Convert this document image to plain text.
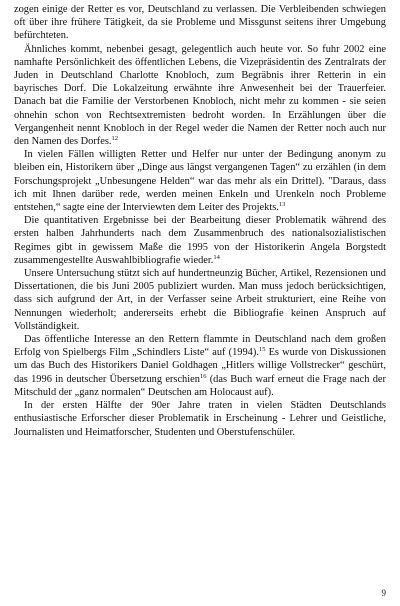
zogen einige der Retter es vor, Deutschland zu verlassen. Die Verbleibenden schwiegen oft über ihre frühere Tätigkeit, da sie Probleme und Missgunst seitens ihrer Umgebung befürchteten.

Ähnliches kommt, nebenbei gesagt, gelegentlich auch heute vor. So fuhr 2002 eine namhafte Persönlichkeit des öffentlichen Lebens, die Vizepräsidentin des Zentralrats der Juden in Deutschland Charlotte Knobloch, zum Begräbnis ihrer Retterin in ein bayrisches Dorf. Die Lokalzeitung erwähnte ihre Anwesenheit bei der Trauerfeier. Danach bat die Familie der Verstorbenen Knobloch, nicht mehr zu kommen - sie seien ohnehin schon von Rechtsextremisten bedroht worden. In Erzählungen über die Vergangenheit nennt Knobloch in der Regel weder die Namen der Retter noch auch nur den Namen des Dorfes.$^{12}$

In vielen Fällen willigten Retter und Helfer nur unter der Bedingung anonym zu bleiben ein, Historikern über „Dinge aus längst vergangenen Tagen“ zu erzählen (in dem Forschungsprojekt „Unbesungene Helden“ war das mehr als ein Drittel). "Daraus, dass ich mit Ihnen darüber rede, werden meinen Enkeln und Urenkeln noch Probleme entstehen,“ sagte eine der Interviewten dem Leiter des Projekts.$^{13}$

Die quantitativen Ergebnisse bei der Bearbeitung dieser Problematik während des ersten halben Jahrhunderts nach dem Zusammenbruch des nationalsozialistischen Regimes gibt in gewissem Maße die 1995 von der Historikerin Angela Borgstedt zusammengestellte Auswahlbibliografie wieder.$^{14}$

Unsere Untersuchung stützt sich auf hundertneunzig Bücher, Artikel, Rezensionen und Dissertationen, die bis Juni 2005 publiziert wurden. Man muss jedoch berücksichtigen, dass sich aufgrund der Art, in der Verfasser seine Arbeit strukturiert, eine Reihe von Nennungen wiederholt; andererseits erhebt die Bibliografie keinen Anspruch auf Vollständigkeit.

Das öffentliche Interesse an den Rettern flammte in Deutschland nach dem großen Erfolg von Spielbergs Film „Schindlers Liste“ auf (1994).$^{15}$ Es wurde von Diskussionen um das Buch des Historikers Daniel Goldhagen „Hitlers willige Vollstrecker“ geschürt, das 1996 in deutscher Übersetzung erschien$^{16}$ (das Buch warf erneut die Frage nach der Mitschuld der „ganz normalen“ Deutschen am Holocaust auf).

In der ersten Hälfte der 90er Jahre traten in vielen Städten Deutschlands enthusiastische Erforscher dieser Problematik in Erscheinung - Lehrer und Geistliche, Journalisten und Heimatforscher, Studenten und Oberstufenschüler.

9
